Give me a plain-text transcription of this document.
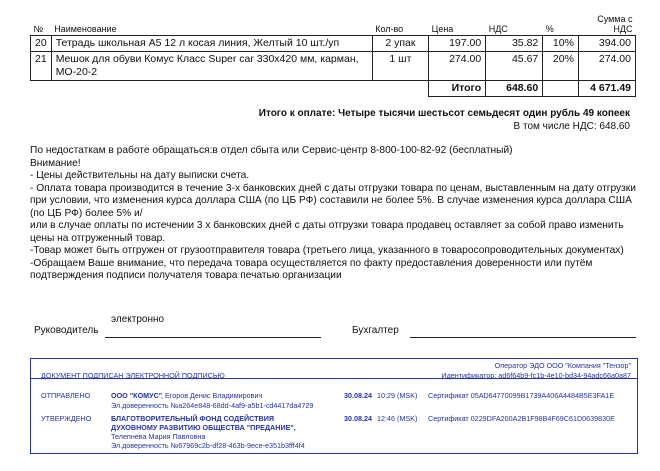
№	Наименование	Кол-во	Цена	НДС	%	Сумма с НДС
20	Тетрадь школьная А5 12 л косая линия, Желтый 10 шт./уп	2 упак	197.00	35.82	10%	394.00
21	Мешок для обуви Комус Класс Super car 330x420 мм, карман, МО-20-2	1 шт	274.00	45.67	20%	274.00
			Итого	648.60		4 671.49
Итого к оплате: Четыре тысячи шестьсот семьдесят один рубль 49 копеек
В том числе НДС: 648.60
По недостаткам в работе обращаться:в отдел сбыта или Сервис-центр 8-800-100-82-92 (бесплатный)
Внимание!
- Цены действительны на дату выписки счета.
- Оплата товара производится в течение 3-х банковских дней с даты отгрузки товара по ценам, выставленным на дату отгрузки при условии, что изменения курса доллара США (по ЦБ РФ) составили не более 5%. В случае изменения курса доллара США (по ЦБ РФ) более 5% и/
или в случае оплаты по истечении 3 х банковских дней с даты отгрузки товара продавец оставляет за собой право изменить цены на отгруженный товар.
-Товар может быть отгружен от грузоотправителя товара (третьего лица, указанного в товаросопроводительных документах)
-Обращаем Ваше внимание, что передача товара осуществляется по факту предоставления доверенности или путём подтверждения подписи получателя товара печатью организации
электронно
Руководитель	Бухгалтер
Оператор ЭДО ООО "Компания "Тензор"
ДОКУМЕНТ ПОДПИСАН ЭЛЕКТРОННОЙ ПОДПИСЬЮ	Идентификатор: ad6f64b9-fc1b-4e10-bd34-94adc66a0a87
ОТПРАВЛЕНО	ООО "КОМУС"
, Егоров Денис Владимирович
Эл.доверенность №a264e848-68dd-4af9-a5b1-cd4417da4729
30.08.24 10:29 (MSK) Сертификат 05AD64770099B1739A406A4484B5E3FA1E
УТВЕРЖДЕНО	БЛАГОТВОРИТЕЛЬНЫЙ ФОНД СОДЕЙСТВИЯ
ДУХОВНОМУ РАЗВИТИЮ ОБЩЕСТВА "ПРЕДАНИЕ",
Телепнева Мария Павловна
Эл.доверенность №67969c2b-df28-463b-9ece-e351b3fff4f4
30.08.24 12:46 (MSK) Сертификат 0229DFA200A2B1F98B4F69C61D0639830E
